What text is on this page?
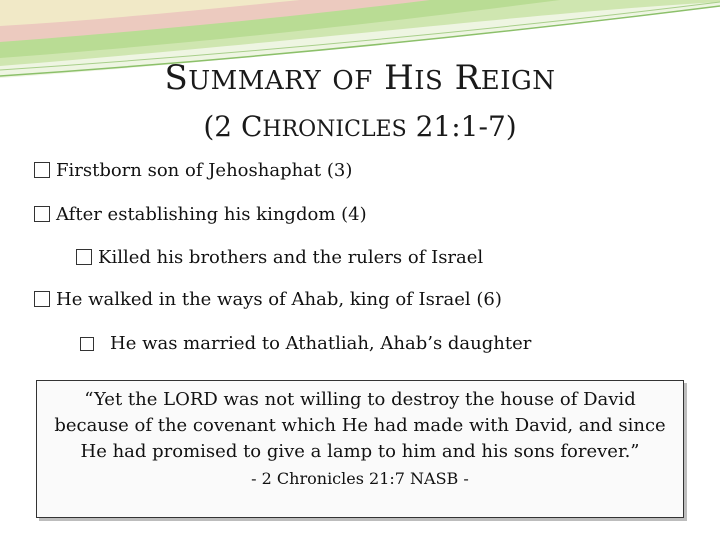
SUMMARY OF HIS REIGN
(2 CHRONICLES 21:1-7)
Firstborn son of Jehoshaphat (3)
After establishing his kingdom (4)
Killed his brothers and the rulers of Israel
He walked in the ways of Ahab, king of Israel (6)
He was married to Athatliah, Ahab’s daughter
“Yet the LORD was not willing to destroy the house of David because of the covenant which He had made with David, and since He had promised to give a lamp to him and his sons forever.”
- 2 Chronicles 21:7 NASB -
